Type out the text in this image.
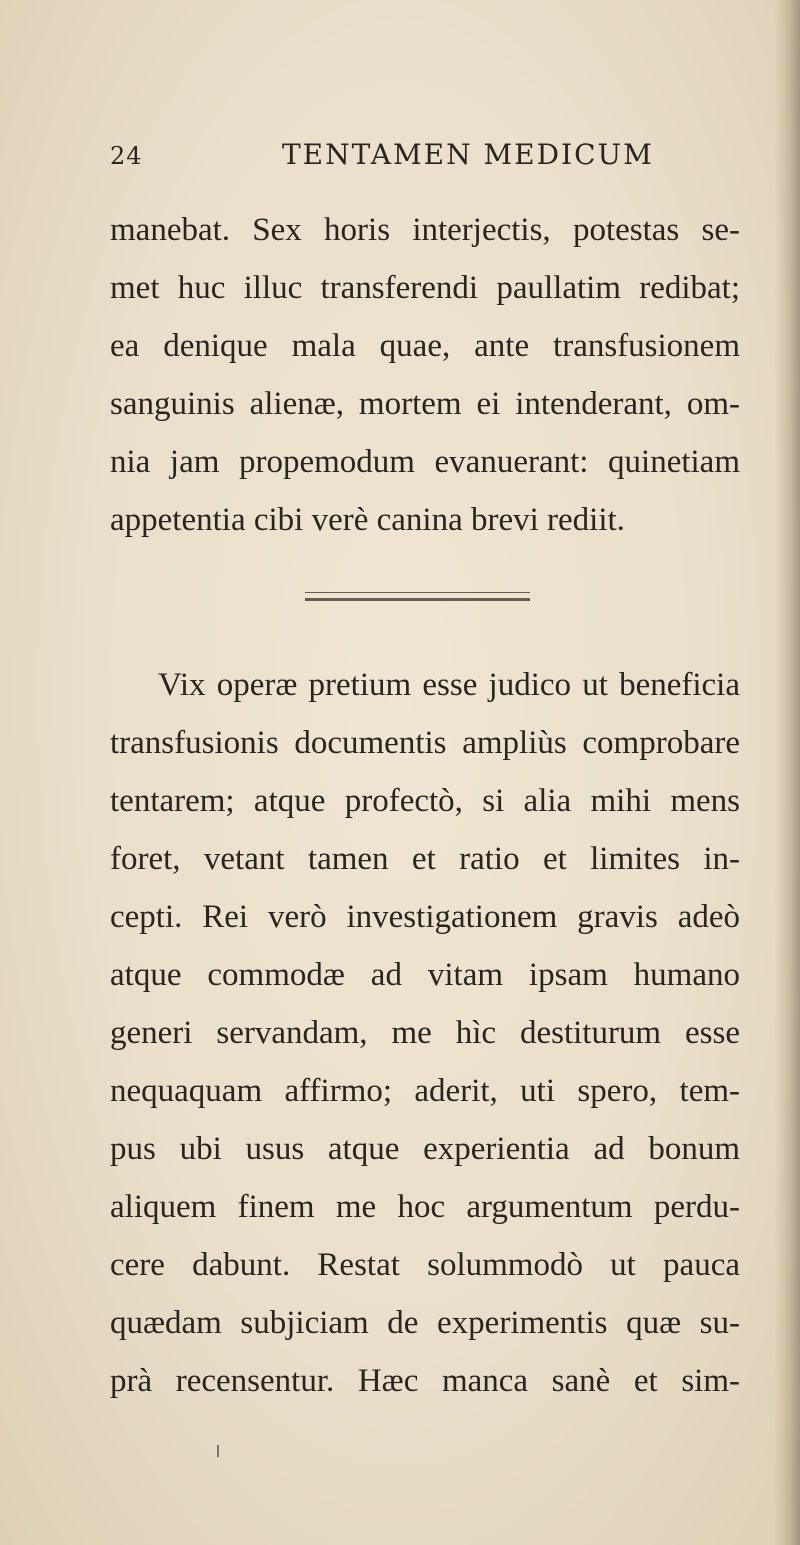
24	TENTAMEN MEDICUM
manebat. Sex horis interjectis, potestas se-
met huc illuc transferendi paullatim redibat;
ea denique mala quae, ante transfusionem
sanguinis alienæ, mortem ei intenderant, om-
nia jam propemodum evanuerant: quinetiam
appetentia cibi verè canina brevi rediit.
Vix operæ pretium esse judico ut beneficia
transfusionis documentis ampliùs comprobare
tentarem; atque profectò, si alia mihi mens
foret, vetant tamen et ratio et limites in-
cepti. Rei verò investigationem gravis adeò
atque commodæ ad vitam ipsam humano
generi servandam, me hìc destiturum esse
nequaquam affirmo; aderit, uti spero, tem-
pus ubi usus atque experientia ad bonum
aliquem finem me hoc argumentum perdu-
cere dabunt. Restat solummodò ut pauca
quædam subjiciam de experimentis quæ su-
prà recensentur. Hæc manca sanè et sim-
